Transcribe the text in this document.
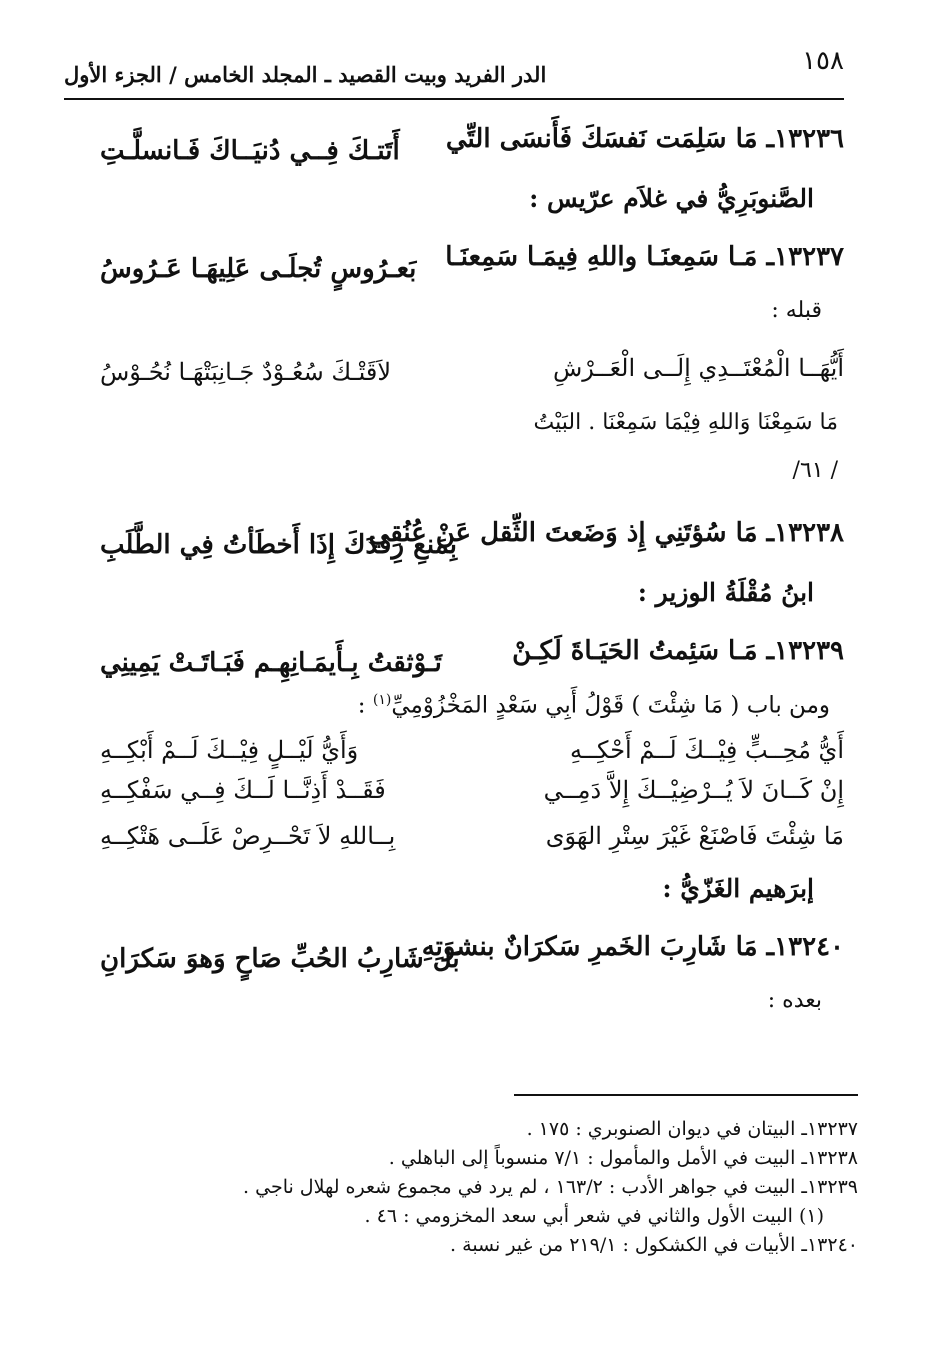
١٥٨
الدر الفريد وبيت القصيد ـ المجلد الخامس / الجزء الأول
١٣٢٣٦ـ مَا سَلِمَت نَفسَكَ فَأَنسَى التِّي
أَتَتـكَ فِــي دُنيَــاكَ فَـانسلَّـتِ
الصَّنوبَرِيُّ في غلاَم عرّيس :
١٣٢٣٧ـ مَـا سَمِعنَـا واللهِ فِيمَـا سَمِعنَـا
بَعـرُوسٍ تُجلَـى عَلِيهَـا عَـرُوسُ
قبله :
أَيُّهَــا الْمُعْتَــدِي إِلَــى الْعَــرْشِ
لاَقَتْـكَ سُعُـوْدٌ جَـانِبَتْهَـا نُحُـوْسُ
مَا سَمِعْنَا وَاللهِ فِيْمَا سَمِعْنَا . البَيْتُ
/ ٦١/
١٣٢٣٨ـ مَا سُؤتَنِي إِذ وَضَعتَ الثِّقل عَنْ عُنُقِي
بِمَنعِ رِفدَكَ إِذَا أَخطَأتُ فِي الطَّلَبِ
ابنُ مُقْلَةُ الوزير :
١٣٢٣٩ـ مَـا سَئِمتُ الحَيَـاةَ لَكِـنْ
تَـوْثقتُ بِـأَيمَـانِهِـم فَبَـاتَـتْ يَمِينِي
ومن باب ( مَا شِئْتَ ) قَوْلُ أَبِي سَعْدٍ المَخْزُوْمِيِّ$^{(١)}$ :
أَيُّ مُحِــبٍّ فِيْــكَ لَــمْ أَحْكِــهِ
وَأَيُّ لَيْــلٍ فِيْــكَ لَــمْ أَبْكِــهِ
إِنْ كَــانَ لاَ يُــرْضِيْــكَ إِلاَّ دَمِــي
فَقَــدْ أَذِنَّــا لَــكَ فِــي سَفْكِــهِ
مَا شِئْتَ فَاصْنَعْ غَيْرَ سِتْرِ الهَوَى
بِــاللهِ لاَ تَحْــرِصْ عَلَــى هَتْكِــهِ
إبرَهيم الغَزّيُّ :
١٣٢٤٠ـ مَا شَارِبَ الخَمرِ سَكرَانٌ بنشوَتِهِ
بَل شَارِبُ الحُبِّ صَاحٍ وَهوَ سَكرَانِ
بعده :
١٣٢٣٧ـ البيتان في ديوان الصنوبري : ١٧٥ .
١٣٢٣٨ـ البيت في الأمل والمأمول : ٧/١ منسوباً إلى الباهلي .
١٣٢٣٩ـ البيت في جواهر الأدب : ١٦٣/٢ ، لم يرد في مجموع شعره لهلال ناجي .
(١) البيت الأول والثاني في شعر أبي سعد المخزومي : ٤٦ .
١٣٢٤٠ـ الأبيات في الكشكول : ٢١٩/١ من غير نسبة .
